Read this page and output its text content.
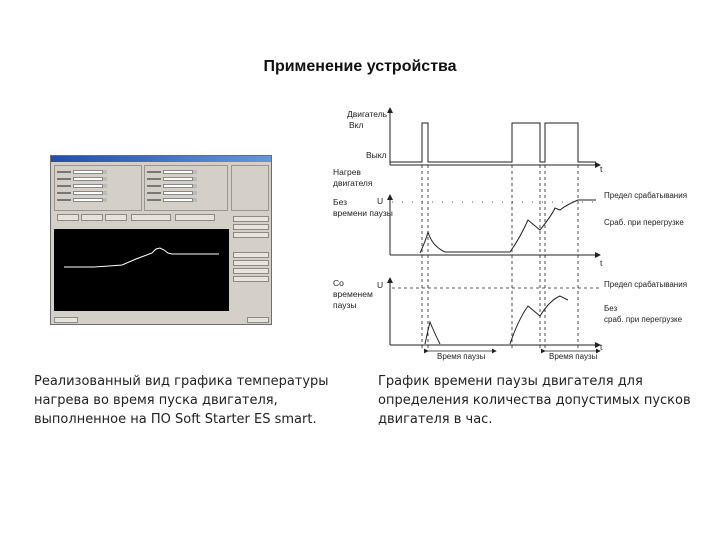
Применение устройства
Двигатель
Вкл
Выкл
t
Нагрев
двигателя
Без
времени паузы
U
t
Предел срабатывания
Сраб. при перегрузке
Со
временем
паузы
U
t
Предел срабатывания
Без
сраб. при перегрузке
Время паузы	Время паузы
Реализованный вид графика температуры
нагрева во время пуска двигателя,
выполненное на ПО Soft Starter ES smart.
График времени паузы двигателя для
определения количества допустимых пусков
двигателя в час.
